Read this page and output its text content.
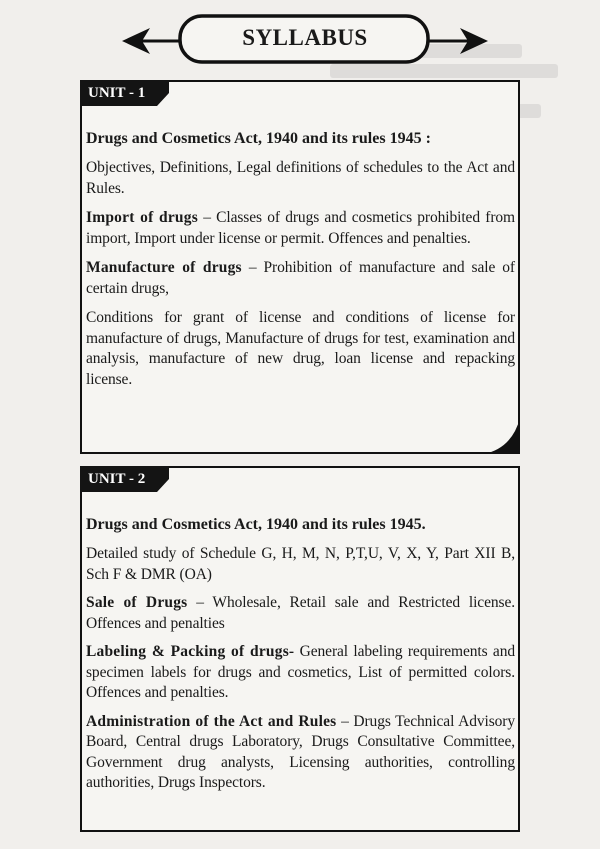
SYLLABUS
UNIT - 1
Drugs and Cosmetics Act, 1940 and its rules 1945 :

Objectives, Definitions, Legal definitions of schedules to the Act and Rules.

Import of drugs – Classes of drugs and cosmetics prohibited from import, Import under license or permit. Offences and penalties.

Manufacture of drugs – Prohibition of manufacture and sale of certain drugs,

Conditions for grant of license and conditions of license for manufacture of drugs, Manufacture of drugs for test, examination and analysis, manufacture of new drug, loan license and repacking license.

UNIT - 2
Drugs and Cosmetics Act, 1940 and its rules 1945.

Detailed study of Schedule G, H, M, N, P,T,U, V, X, Y, Part XII B, Sch F & DMR (OA)

Sale of Drugs – Wholesale, Retail sale and Restricted license. Offences and penalties

Labeling & Packing of drugs- General labeling requirements and specimen labels for drugs and cosmetics, List of permitted colors. Offences and penalties.

Administration of the Act and Rules – Drugs Technical Advisory Board, Central drugs Laboratory, Drugs Consultative Committee, Government drug analysts, Licensing authorities, controlling authorities, Drugs Inspectors.
